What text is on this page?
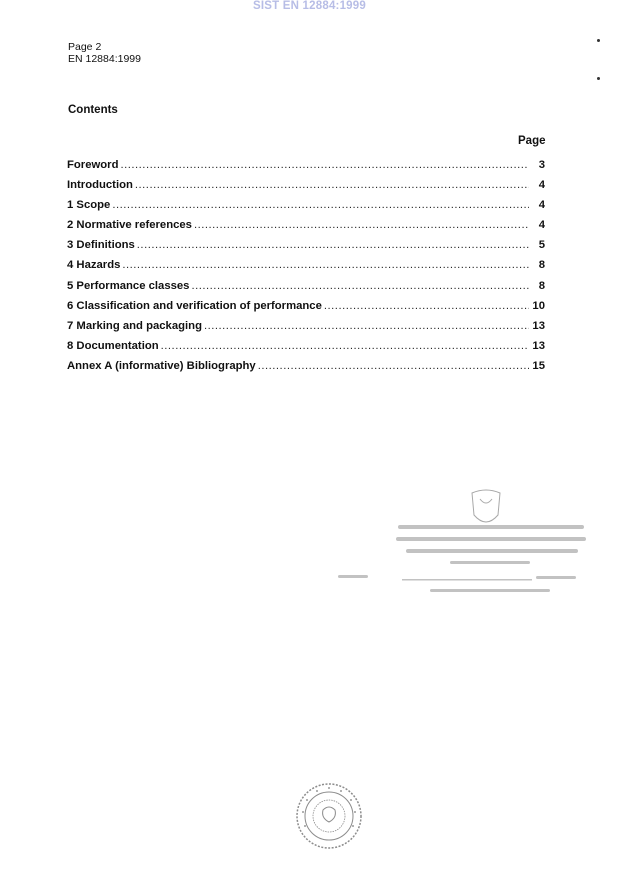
SIST EN 12884:1999
Page 2
EN 12884:1999
Contents
Page
Foreword .....	3
Introduction .....	4
1 Scope .....	4
2 Normative references .....	4
3 Definitions .....	5
4 Hazards .....	8
5 Performance classes .....	8
6 Classification and verification of performance .....	10
7 Marking and packaging .....	13
8 Documentation .....	13
Annex A (informative) Bibliography .....	15
